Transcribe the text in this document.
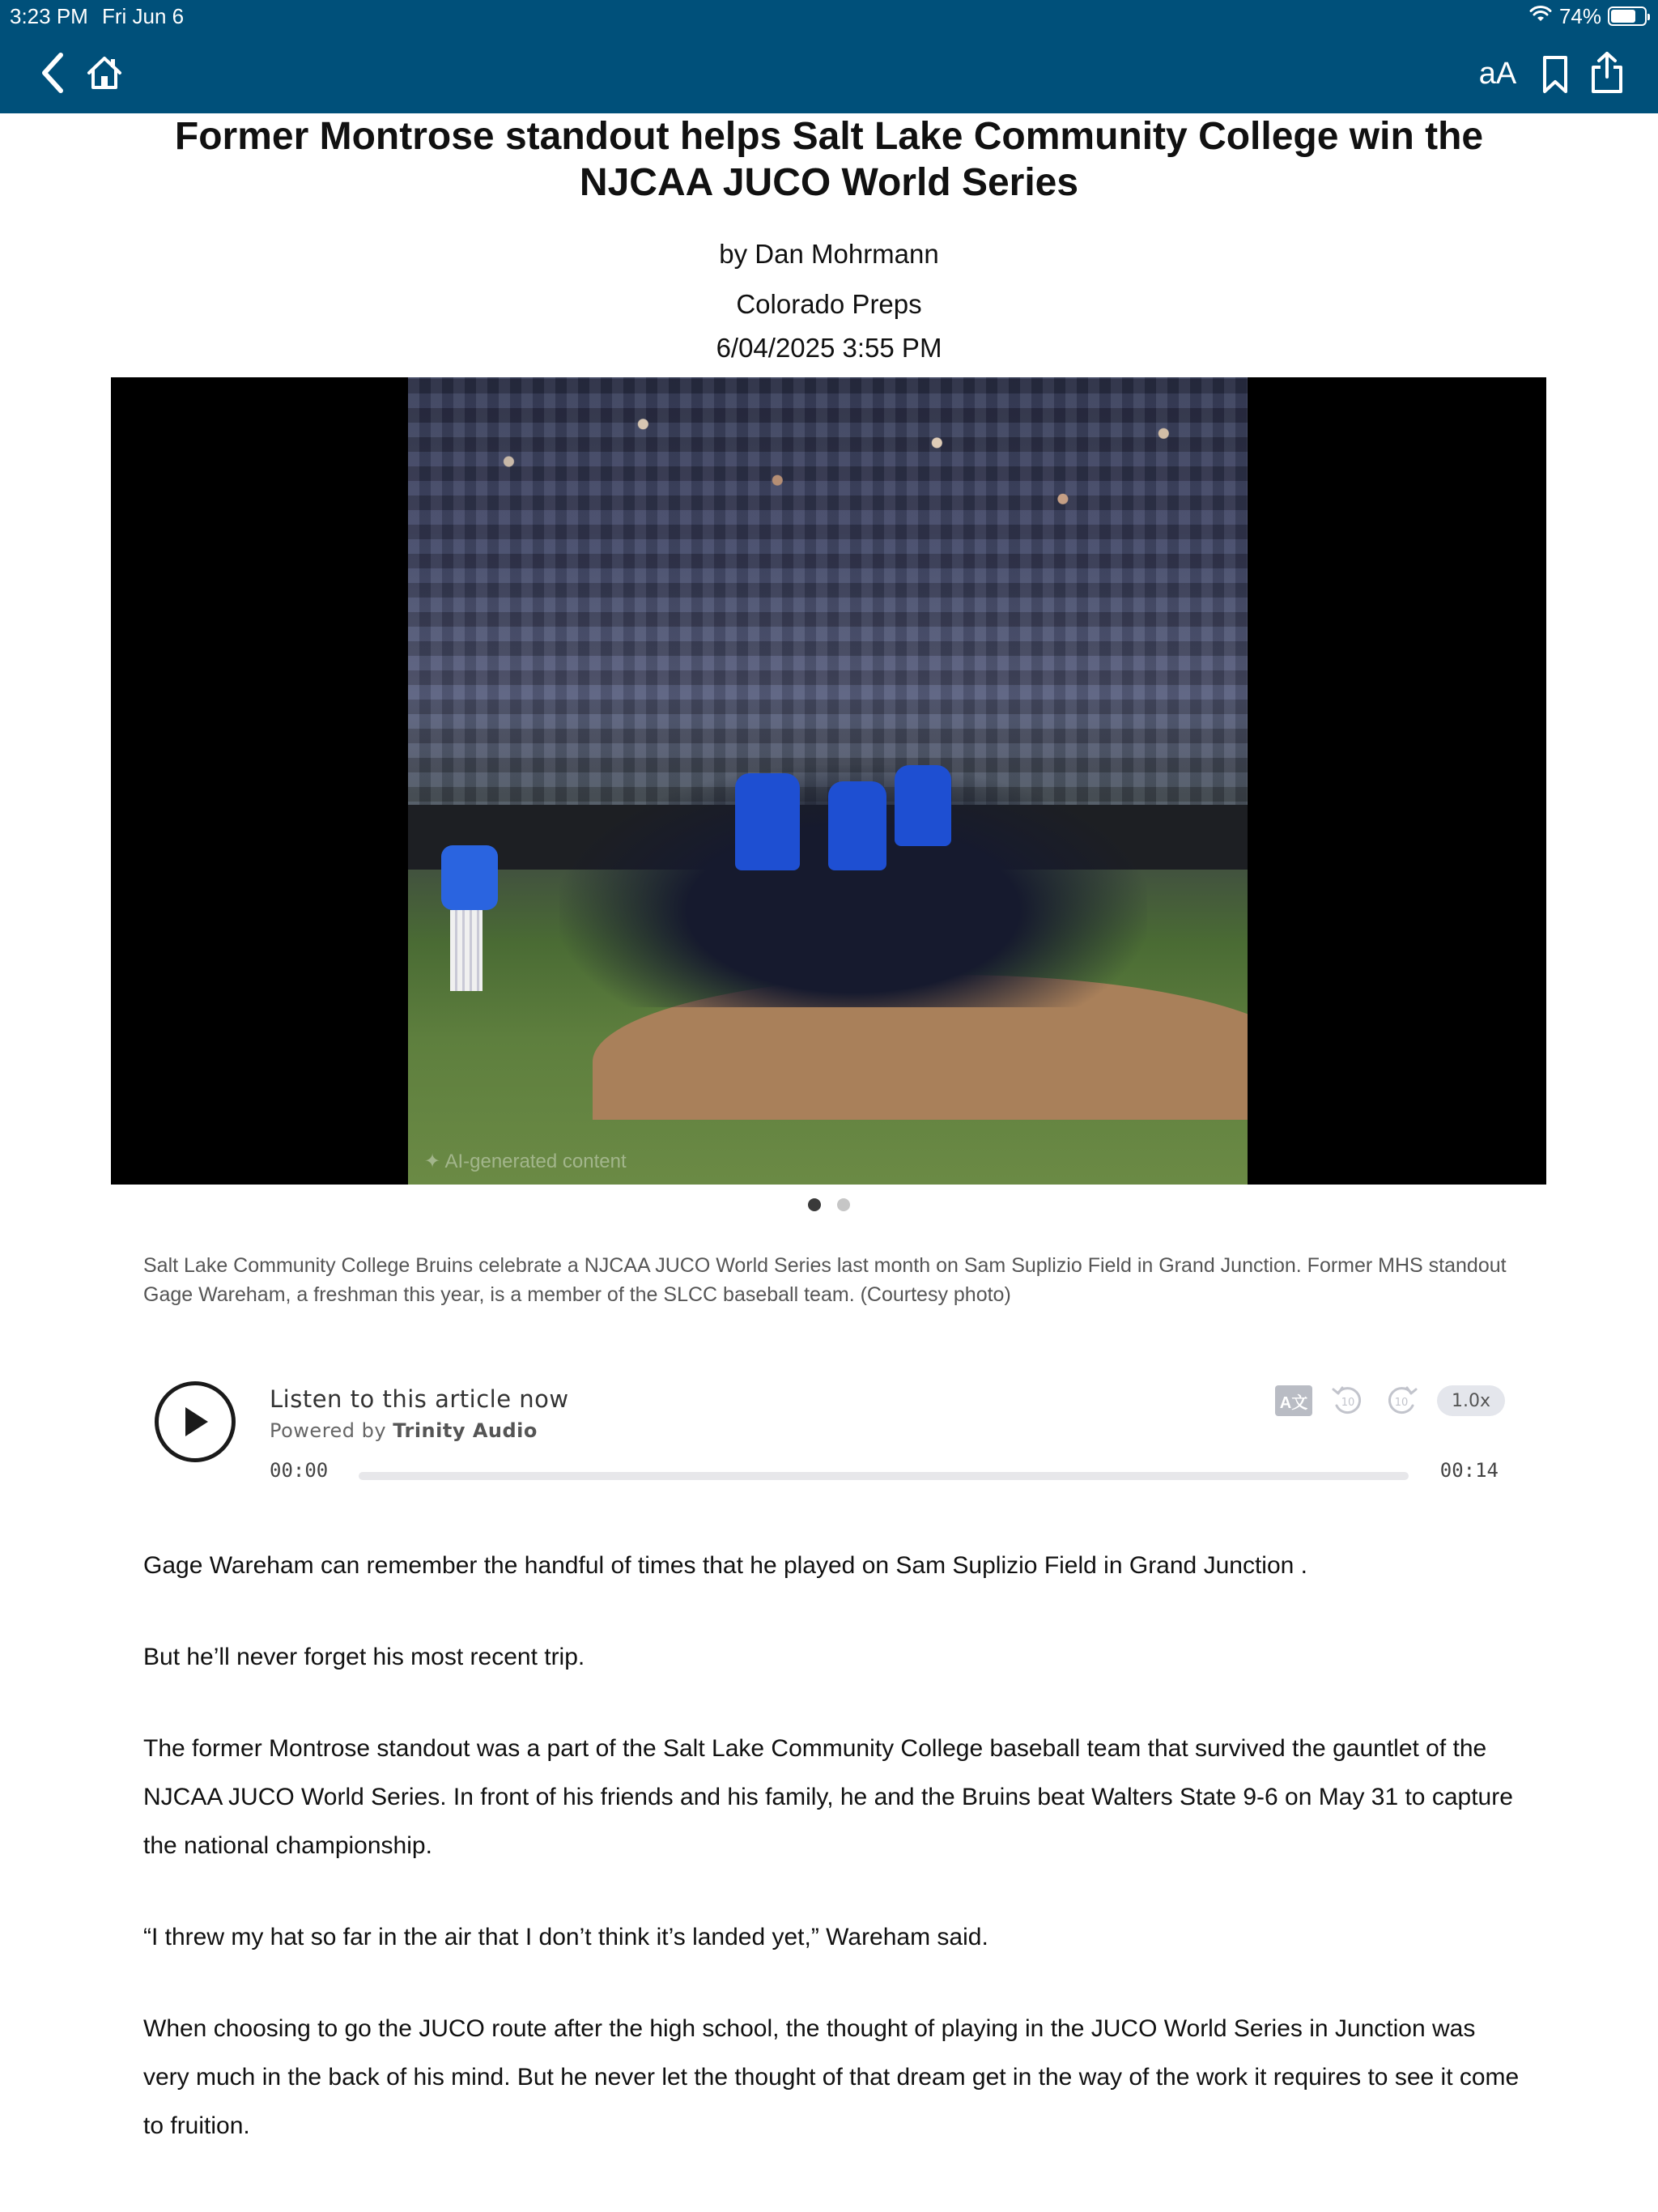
3:23 PM Fri Jun 6	74%
aA
Former Montrose standout helps Salt Lake Community College win the NJCAA JUCO World Series
by Dan Mohrmann
Colorado Preps
6/04/2025 3:55 PM
✦ AI-generated content
Salt Lake Community College Bruins celebrate a NJCAA JUCO World Series last month on Sam Suplizio Field in Grand Junction. Former MHS standout Gage Wareham, a freshman this year, is a member of the SLCC baseball team. (Courtesy photo)
Listen to this article now
Powered by Trinity Audio
A文	10	10	1.0x
00:00	00:14

Gage Wareham can remember the handful of times that he played on Sam Suplizio Field in Grand Junction .

But he’ll never forget his most recent trip.

The former Montrose standout was a part of the Salt Lake Community College baseball team that survived the gauntlet of the NJCAA JUCO World Series. In front of his friends and his family, he and the Bruins beat Walters State 9-6 on May 31 to capture the national championship.

“I threw my hat so far in the air that I don’t think it’s landed yet,” Wareham said.

When choosing to go the JUCO route after the high school, the thought of playing in the JUCO World Series in Junction was very much in the back of his mind. But he never let the thought of that dream get in the way of the work it requires to see it come to fruition.
